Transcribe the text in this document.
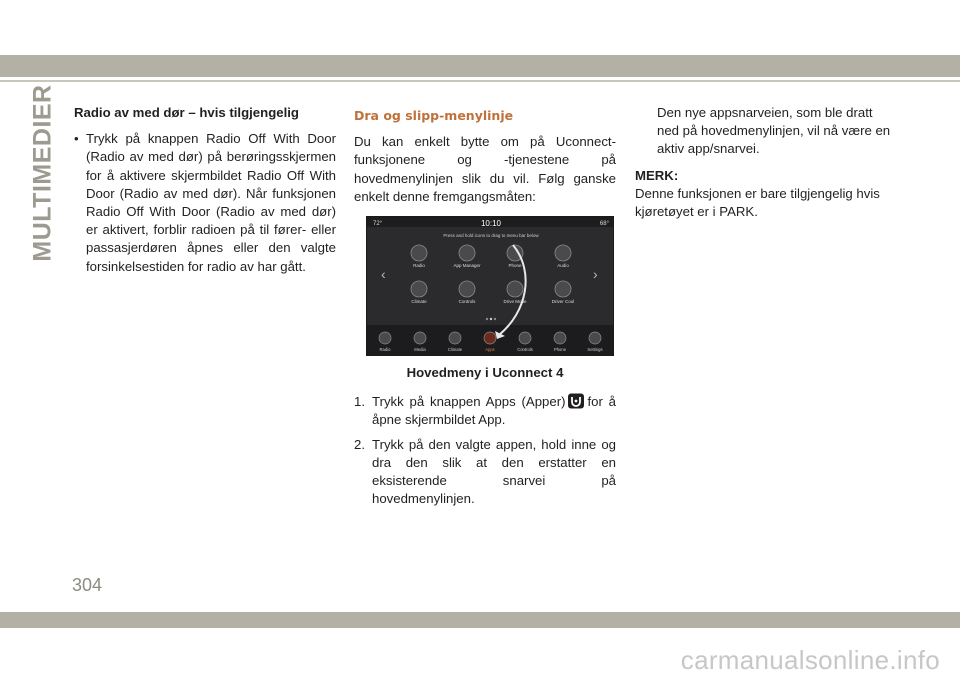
MULTIMEDIER Radio av med dør – hvis tilgjengelig
• Trykk på knappen Radio Off With Door (Radio av med dør) på berøringsskjermen for å aktivere skjermbildet Radio Off With Door (Radio av med dør). Når funksjonen Radio Off With Door (Radio av med dør) er aktivert, forblir radioen på til fører- eller passasjerdøren åpnes eller den valgte forsinkelsestiden for radio av har gått.
Dra og slipp-menylinje
Du kan enkelt bytte om på Uconnect-funksjonene og -tjenestene på hovedmenylinjen slik du vil. Følg ganske enkelt denne fremgangsmåten:
72°	10:10	68°
Press and hold icons to drag to menu bar below
‹	›
Radio	App Manager	Phone	Audio
Climate	Controls	Drive Mode	Driver Cool
Radio	Media	Climate	Apps	Controls	Phone	Settings
Hovedmeny i Uconnect 4
1. Trykk på knappen Apps (Apper) for å åpne skjermbildet App.
2. Trykk på den valgte appen, hold inne og dra den slik at den erstatter en eksisterende snarvei på hovedmenylinjen.
Den nye appsnarveien, som ble dratt ned på hovedmenylinjen, vil nå være en aktiv app/snarvei.
MERK:
Denne funksjonen er bare tilgjengelig hvis kjøretøyet er i PARK.
304
carmanualsonline.info
